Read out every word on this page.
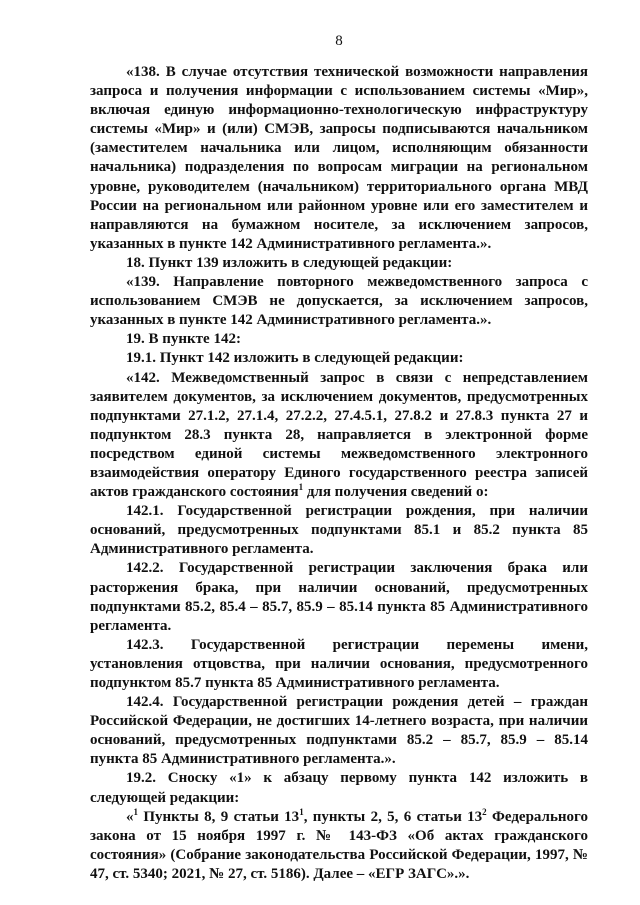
8

«138. В случае отсутствия технической возможности направления запроса и получения информации с использованием системы «Мир», включая единую информационно-технологическую инфраструктуру системы «Мир» и (или) СМЭВ, запросы подписываются начальником (заместителем начальника или лицом, исполняющим обязанности начальника) подразделения по вопросам миграции на региональном уровне, руководителем (начальником) территориального органа МВД России на региональном или районном уровне или его заместителем и направляются на бумажном носителе, за исключением запросов, указанных в пункте 142 Административного регламента.».

18. Пункт 139 изложить в следующей редакции:

«139. Направление повторного межведомственного запроса с использованием СМЭВ не допускается, за исключением запросов, указанных в пункте 142 Административного регламента.».

19. В пункте 142:

19.1. Пункт 142 изложить в следующей редакции:

«142. Межведомственный запрос в связи с непредставлением заявителем документов, за исключением документов, предусмотренных подпунктами 27.1.2, 27.1.4, 27.2.2, 27.4.5.1, 27.8.2 и 27.8.3 пункта 27 и подпунктом 28.3 пункта 28, направляется в электронной форме посредством единой системы межведомственного электронного взаимодействия оператору Единого государственного реестра записей актов гражданского состояния$^1$ для получения сведений о:

142.1. Государственной регистрации рождения, при наличии оснований, предусмотренных подпунктами 85.1 и 85.2 пункта 85 Административного регламента.

142.2. Государственной регистрации заключения брака или расторжения брака, при наличии оснований, предусмотренных подпунктами 85.2, 85.4 – 85.7, 85.9 – 85.14 пункта 85 Административного регламента.

142.3. Государственной регистрации перемены имени, установления отцовства, при наличии основания, предусмотренного подпунктом 85.7 пункта 85 Административного регламента.

142.4. Государственной регистрации рождения детей – граждан Российской Федерации, не достигших 14-летнего возраста, при наличии оснований, предусмотренных подпунктами 85.2 – 85.7, 85.9 – 85.14 пункта 85 Административного регламента.».

19.2. Сноску «1» к абзацу первому пункта 142 изложить в следующей редакции:

«$^1$ Пункты 8, 9 статьи $13^1$, пункты 2, 5, 6 статьи $13^2$ Федерального закона от 15 ноября 1997 г. № 143-ФЗ «Об актах гражданского состояния» (Собрание законодательства Российской Федерации, 1997, № 47, ст. 5340; 2021, № 27, ст. 5186). Далее – «ЕГР ЗАГС».».
